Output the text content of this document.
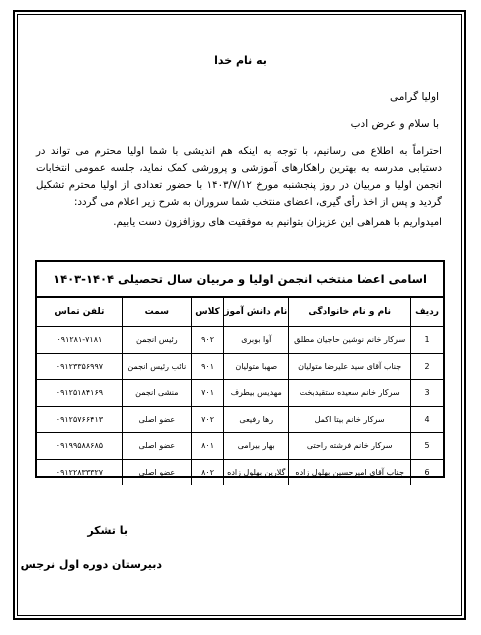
به نام خدا
اولیا گرامی
با سلام و عرض ادب

احتراماً به اطلاع می رسانیم، با توجه به اینکه هم اندیشی با شما اولیا محترم می تواند در دستیابی مدرسه به بهترین راهکارهای آموزشی و پرورشی کمک نماید، جلسه عمومی انتخابات انجمن اولیا و مربیان در روز پنجشنبه مورخ ۱۴۰۳/۷/۱۲ با حضور تعدادی از اولیا محترم تشکیل گردید و پس از اخذ رأی گیری، اعضای منتخب شما سروران به شرح زیر اعلام می گردد:

امیدواریم با همراهی این عزیزان بتوانیم به موفقیت های روزافزون دست یابیم.

اسامی اعضا منتخب انجمن اولیا و مربیان سال تحصیلی ۱۴۰۴-۱۴۰۳
ردیف	نام و نام خانوادگی	نام دانش آموز	کلاس	سمت	تلفن تماس
1	سرکار خانم نوشین حاجیان مطلق	آوا بوبری	۹۰۲	رئیس انجمن	۰۹۱۲۸۱-۷۱۸۱
2	جناب آقای سید علیرضا متولیان	صهبا متولیان	۹۰۱	نائب رئیس انجمن	۰۹۱۲۳۳۵۶۹۹۷
3	سرکار خانم سعیده ستقیدبخت	مهدیس بیطرف	۷۰۱	منشی انجمن	۰۹۱۲۵۱۸۴۱۶۹
4	سرکار خانم بیتا اکمل	رها رفیعی	۷۰۲	عضو اصلی	۰۹۱۲۵۷۶۶۴۱۳
5	سرکار خانم فرشته راحتی	بهار بیرامی	۸۰۱	عضو اصلی	۰۹۱۹۹۵۸۸۶۸۵
6	جناب آقای امیرحسین بهلول زاده	گلارین بهلول زاده	۸۰۲	عضو اصلی	۰۹۱۲۲۸۳۳۳۲۷
با تشکر
دبیرستان دوره اول نرجس
